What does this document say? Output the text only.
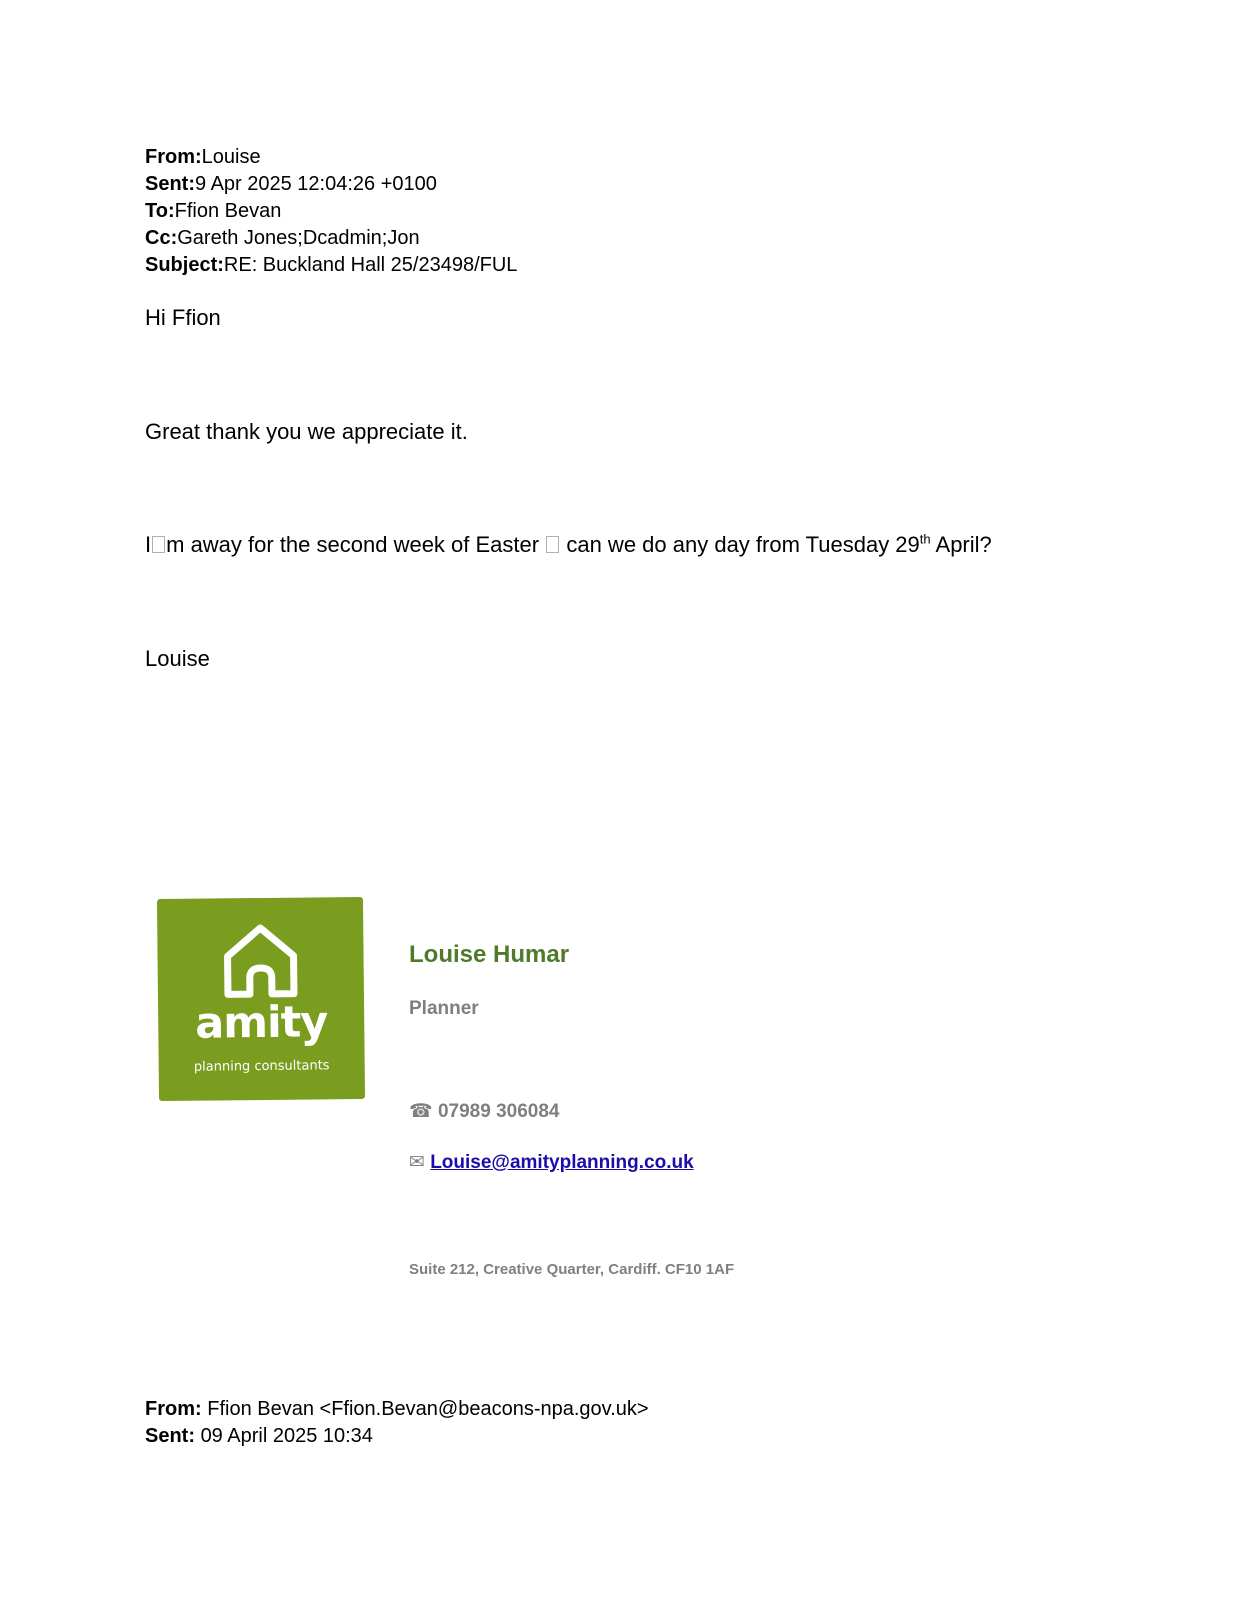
From:Louise
Sent:9 Apr 2025 12:04:26 +0100
To:Ffion Bevan
Cc:Gareth Jones;Dcadmin;Jon
Subject:RE: Buckland Hall 25/23498/FUL
Hi Ffion
Great thank you we appreciate it.
I m away for the second week of Easter can we do any day from Tuesday 29th April?
Louise
amity
planning consultants
Louise Humar
Planner
☎ 07989 306084
✉ Louise@amityplanning.co.uk
Suite 212, Creative Quarter, Cardiff. CF10 1AF
From: Ffion Bevan <Ffion.Bevan@beacons-npa.gov.uk>
Sent: 09 April 2025 10:34
